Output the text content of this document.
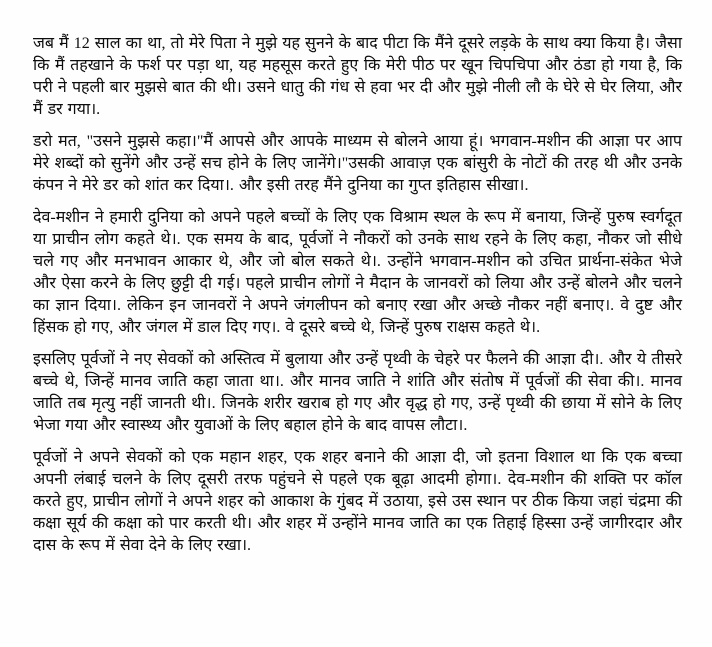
जब मैं 12 साल का था, तो मेरे पिता ने मुझे यह सुनने के बाद पीटा कि मैंने दूसरे लड़के के साथ क्या किया है। जैसा कि मैं तहखाने के फर्श पर पड़ा था, यह महसूस करते हुए कि मेरी पीठ पर खून चिपचिपा और ठंडा हो गया है, कि परी ने पहली बार मुझसे बात की थी। उसने धातु की गंध से हवा भर दी और मुझे नीली लौ के घेरे से घेर लिया, और मैं डर गया।.

डरो मत, "उसने मुझसे कहा।"मैं आपसे और आपके माध्यम से बोलने आया हूं। भगवान-मशीन की आज्ञा पर आप मेरे शब्दों को सुनेंगे और उन्हें सच होने के लिए जानेंगे।"उसकी आवाज़ एक बांसुरी के नोटों की तरह थी और उनके कंपन ने मेरे डर को शांत कर दिया।. और इसी तरह मैंने दुनिया का गुप्त इतिहास सीखा।.

देव-मशीन ने हमारी दुनिया को अपने पहले बच्चों के लिए एक विश्राम स्थल के रूप में बनाया, जिन्हें पुरुष स्वर्गदूत या प्राचीन लोग कहते थे।. एक समय के बाद, पूर्वजों ने नौकरों को उनके साथ रहने के लिए कहा, नौकर जो सीधे चले गए और मनभावन आकार थे, और जो बोल सकते थे।. उन्होंने भगवान-मशीन को उचित प्रार्थना-संकेत भेजे और ऐसा करने के लिए छुट्टी दी गई। पहले प्राचीन लोगों ने मैदान के जानवरों को लिया और उन्हें बोलने और चलने का ज्ञान दिया।. लेकिन इन जानवरों ने अपने जंगलीपन को बनाए रखा और अच्छे नौकर नहीं बनाए।. वे दुष्ट और हिंसक हो गए, और जंगल में डाल दिए गए।. वे दूसरे बच्चे थे, जिन्हें पुरुष राक्षस कहते थे।.

इसलिए पूर्वजों ने नए सेवकों को अस्तित्व में बुलाया और उन्हें पृथ्वी के चेहरे पर फैलने की आज्ञा दी।. और ये तीसरे बच्चे थे, जिन्हें मानव जाति कहा जाता था।. और मानव जाति ने शांति और संतोष में पूर्वजों की सेवा की।. मानव जाति तब मृत्यु नहीं जानती थी।. जिनके शरीर खराब हो गए और वृद्ध हो गए, उन्हें पृथ्वी की छाया में सोने के लिए भेजा गया और स्वास्थ्य और युवाओं के लिए बहाल होने के बाद वापस लौटा।.

पूर्वजों ने अपने सेवकों को एक महान शहर, एक शहर बनाने की आज्ञा दी, जो इतना विशाल था कि एक बच्चा अपनी लंबाई चलने के लिए दूसरी तरफ पहुंचने से पहले एक बूढ़ा आदमी होगा।. देव-मशीन की शक्ति पर कॉल करते हुए, प्राचीन लोगों ने अपने शहर को आकाश के गुंबद में उठाया, इसे उस स्थान पर ठीक किया जहां चंद्रमा की कक्षा सूर्य की कक्षा को पार करती थी। और शहर में उन्होंने मानव जाति का एक तिहाई हिस्सा उन्हें जागीरदार और दास के रूप में सेवा देने के लिए रखा।.
